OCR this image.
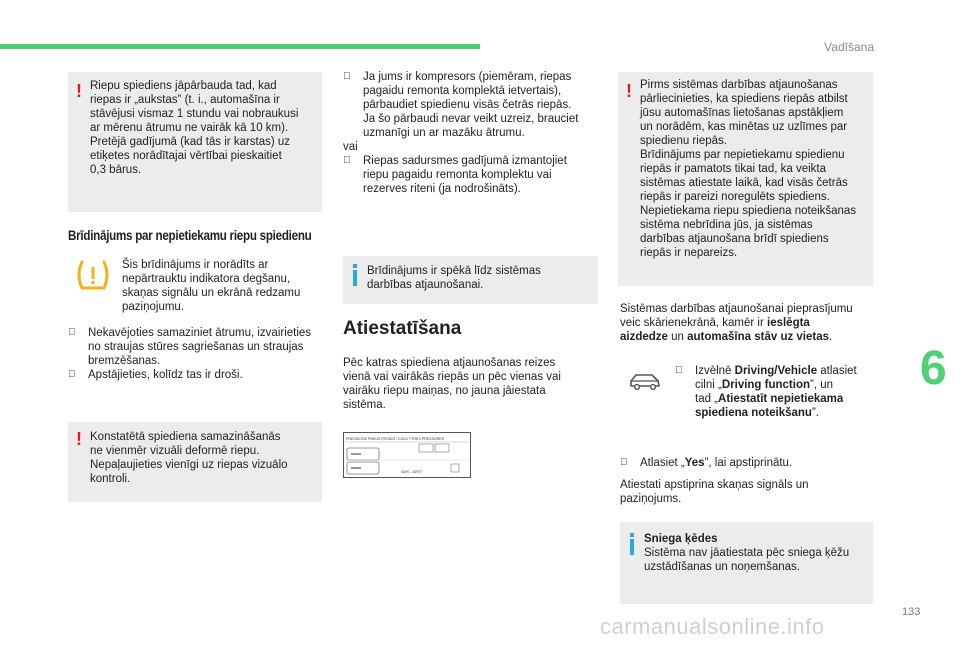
Vadīšana
6
133
! Riepu spiediens jāpārbauda tad, kad
riepas ir „aukstas” (t. i., automašīna ir
stāvējusi vismaz 1 stundu vai nobraukusi
ar mērenu ātrumu ne vairāk kā 10 km).
Pretējā gadījumā (kad tās ir karstas) uz
etiķetes norādītajai vērtībai pieskaitiet
0,3 bārus.
Brīdinājums par nepietiekamu riepu spiedienu
Šis brīdinājums ir norādīts ar
nepārtrauktu indikatora degšanu,
skaņas signālu un ekrānā redzamu
paziņojumu.
Nekavējoties samaziniet ātrumu, izvairieties
no straujas stūres sagriešanas un straujas
bremzēšanas.
Apstājieties, kolīdz tas ir droši.
! Konstatētā spiediena samazināšanās
ne vienmēr vizuāli deformē riepu.
Nepaļaujieties vienīgi uz riepas vizuālo
kontroli.
Ja jums ir kompresors (piemēram, riepas
pagaidu remonta komplektā ietvertais),
pārbaudiet spiedienu visās četrās riepās.
Ja šo pārbaudi nevar veikt uzreiz, brauciet
uzmanīgi un ar mazāku ātrumu.
vai
Riepas sadursmes gadījumā izmantojiet
riepu pagaidu remonta komplektu vai
rezerves riteni (ja nodrošināts).
Brīdinājums ir spēkā līdz sistēmas
darbības atjaunošanai.
Atiestatīšana
Pēc katras spiediena atjaunošanas reizes
vienā vai vairākās riepās un pēc vienas vai
vairāku riepu maiņas, no jauna jāiestata
sistēma.
PRESSIONS PNEUS FROIDS / COLD TYRES PRESSURES
SAFE - 4DFS7
! Pirms sistēmas darbības atjaunošanas
pārliecinieties, ka spiediens riepās atbilst
jūsu automašīnas lietošanas apstākļiem
un norādēm, kas minētas uz uzlīmes par
spiedienu riepās.
Brīdinājums par nepietiekamu spiedienu
riepās ir pamatots tikai tad, ka veikta
sistēmas atiestate laikā, kad visās četrās
riepās ir pareizi noregulēts spiediens.
Nepietiekama riepu spiediena noteikšanas
sistēma nebrīdina jūs, ja sistēmas
darbības atjaunošana brīdī spiediens
riepās ir nepareizs.
Sistēmas darbības atjaunošanai pieprasījumu
veic skārienekrānā, kamēr ir ieslēgta
aizdedze un automašīna stāv uz vietas.
Izvēlnē Driving/Vehicle atlasiet
cilni „Driving function”, un
tad „Atiestatīt nepietiekama
spiediena noteikšanu”.
Atlasiet „Yes”, lai apstiprinātu.
Atiestati apstiprina skaņas signāls un
paziņojums.
Sniega ķēdes
Sistēma nav jāatiestata pēc sniega ķēžu
uzstādīšanas un noņemšanas.
carmanualsonline.info
